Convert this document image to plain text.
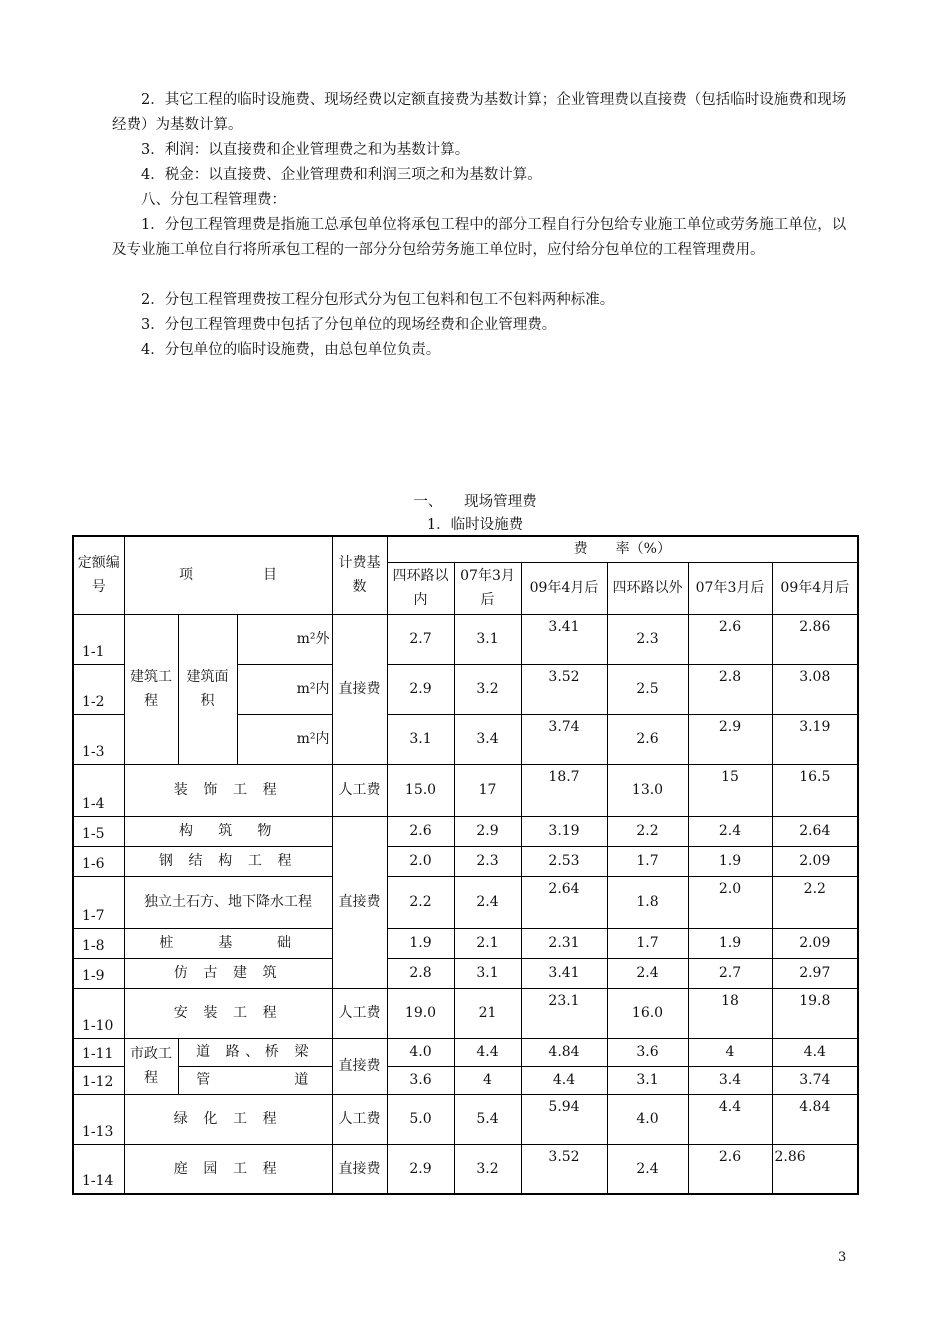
　　2．其它工程的临时设施费、现场经费以定额直接费为基数计算；企业管理费以直接费（包括临时设施费和现场经费）为基数计算。

　　3．利润：以直接费和企业管理费之和为基数计算。

　　4．税金：以直接费、企业管理费和利润三项之和为基数计算。

　　八、分包工程管理费：

　　1．分包工程管理费是指施工总承包单位将承包工程中的部分工程自行分包给专业施工单位或劳务施工单位，以及专业施工单位自行将所承包工程的一部分分包给劳务施工单位时，应付给分包单位的工程管理费用。

　　2．分包工程管理费按工程分包形式分为包工包料和包工不包料两种标准。

　　3．分包工程管理费中包括了分包单位的现场经费和企业管理费。

　　4．分包单位的临时设施费，由总包单位负责。

一、　　现场管理费
1．临时设施费
定额编号	项　　　　　目			计费基数	费　　率（%）					
					四环路以内	07年3月后	09年4月后	四环路以外	07年3月后	09年4月后
1-1	建筑工程	建筑面积	m²外	直接费	2.7	3.1	3.41	2.3	2.6	2.86
1-2			m²内		2.9	3.2	3.52	2.5	2.8	3.08
1-3			m²内		3.1	3.4	3.74	2.6	2.9	3.19
1-4	装 饰 工 程			人工费	15.0	17	18.7	13.0	15	16.5
1-5	构　筑　物			直接费	2.6	2.9	3.19	2.2	2.4	2.64
1-6	钢 结 构 工 程				2.0	2.3	2.53	1.7	1.9	2.09
1-7	独立土石方、地下降水工程				2.2	2.4	2.64	1.8	2.0	2.2
1-8	桩　　基　　础				1.9	2.1	2.31	1.7	1.9	2.09
1-9	仿 古 建 筑				2.8	3.1	3.41	2.4	2.7	2.97
1-10	安 装 工 程			人工费	19.0	21	23.1	16.0	18	19.8
1-11	市政工程	道 路、桥 梁		直接费	4.0	4.4	4.84	3.6	4	4.4
1-12		管　　　　道			3.6	4	4.4	3.1	3.4	3.74
1-13	绿 化 工 程			人工费	5.0	5.4	5.94	4.0	4.4	4.84
1-14	庭 园 工 程			直接费	2.9	3.2	3.52	2.4	2.6	2.86
3
